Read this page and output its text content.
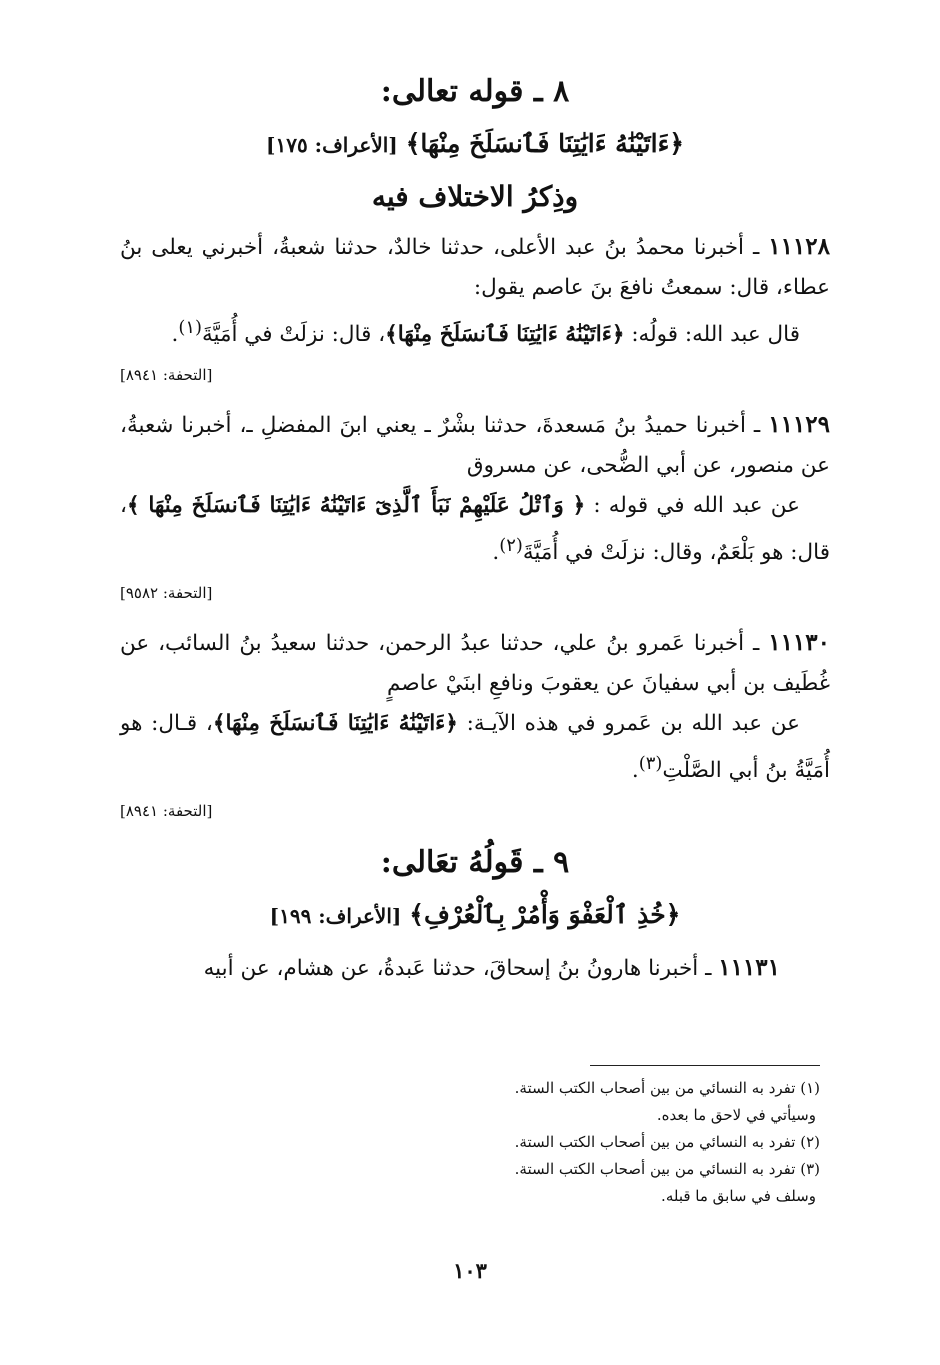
٨ ـ قوله تعالى:

﴿ءَاتَيْنَٰهُ ءَايَٰتِنَا فَٱنسَلَخَ مِنْهَا﴾ [الأعراف: ١٧٥]

وذِكرُ الاختلاف فيه

١١١٢٨ ـ أخبرنا محمدُ بنُ عبد الأعلى، حدثنا خالدٌ، حدثنا شعبةُ، أخبرني يعلى بنُ عطاء، قال: سمعتُ نافعَ بنَ عاصم يقول:

قال عبد الله: قولُه: ﴿ءَاتَيْنَٰهُ ءَايَٰتِنَا فَٱنسَلَخَ مِنْهَا﴾، قال: نزلَتْ في أُمَيَّةَ$^{(١)}$.

[التحفة: ٨٩٤١]

١١١٢٩ ـ أخبرنا حميدُ بنُ مَسعدةَ، حدثنا بشْرٌ ـ يعني ابنَ المفضلِ ـ، أخبرنا شعبةُ، عن منصور، عن أبي الضُّحى، عن مسروق

عن عبد الله في قوله : ﴿ وَٱتْلُ عَلَيْهِمْ نَبَأَ ٱلَّذِىٓ ءَاتَيْنَٰهُ ءَايَٰتِنَا فَٱنسَلَخَ مِنْهَا ﴾، قال: هو بَلْعَمٌ، وقال: نزلَتْ في أُمَيَّةَ$^{(٢)}$.

[التحفة: ٩٥٨٢]

١١١٣٠ ـ أخبرنا عَمرو بنُ علي، حدثنا عبدُ الرحمن، حدثنا سعيدُ بنُ السائب، عن غُطَيف بن أبي سفيانَ عن يعقوبَ ونافعِ ابنَيْ عاصمٍ

عن عبد الله بن عَمرو في هذه الآيـة: ﴿ءَاتَيْنَٰهُ ءَايَٰتِنَا فَٱنسَلَخَ مِنْهَا﴾، قـال: هو أُمَيَّةُ بنُ أبي الصَّلْتِ$^{(٣)}$.

[التحفة: ٨٩٤١]

٩ ـ قَولُهُ تعَالى:

﴿خُذِ ٱلْعَفْوَ وَأْمُرْ بِٱلْعُرْفِ﴾ [الأعراف: ١٩٩]

١١١٣١ ـ أخبرنا هارونُ بنُ إسحاقَ، حدثنا عَبدةُ، عن هشام، عن أبيه

(١) تفرد به النسائي من بين أصحاب الكتب الستة.

وسيأتي في لاحق ما بعده.

(٢) تفرد به النسائي من بين أصحاب الكتب الستة.

(٣) تفرد به النسائي من بين أصحاب الكتب الستة.

وسلف في سابق ما قبله.

١٠٣
